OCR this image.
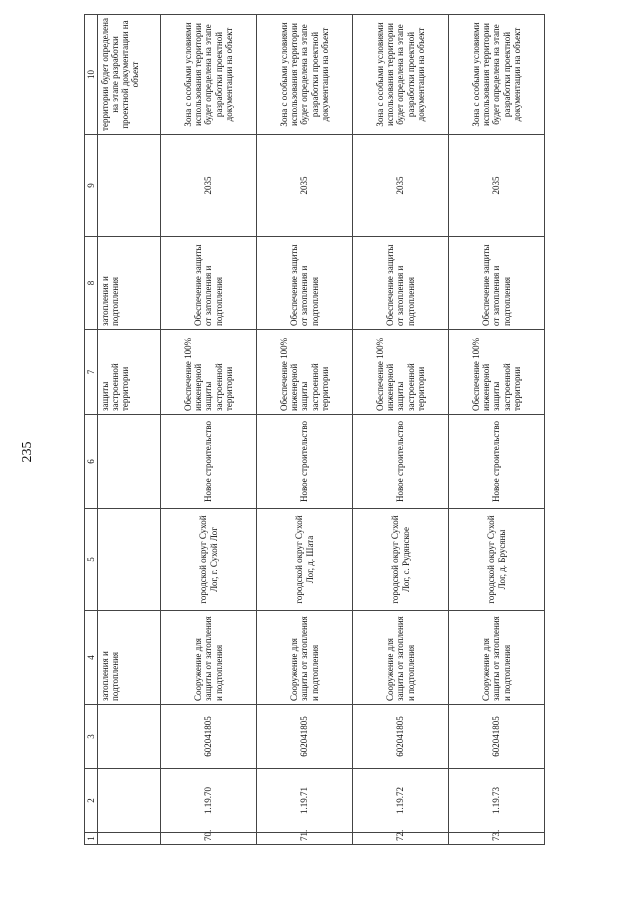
235
1	2	3	4	5	6	7	8	9	10
			затопления и подтопления			защиты застроенной территории	затопления и подтопления		территории будет определена на этапе разработки проектной документации на объект
70.	1.19.70	602041805	Сооружение для защиты от затопления и подтопления	городской округ Сухой Лог, г. Сухой Лог	Новое строительство	Обеспечение 100% инженерной защиты застроенной территории	Обеспечение защиты от затопления и подтопления	2035	Зона с особыми условиями использования территории будет определена на этапе разработки проектной документации на объект
71.	1.19.71	602041805	Сооружение для защиты от затопления и подтопления	городской округ Сухой Лог, д. Шата	Новое строительство	Обеспечение 100% инженерной защиты застроенной территории	Обеспечение защиты от затопления и подтопления	2035	Зона с особыми условиями использования территории будет определена на этапе разработки проектной документации на объект
72.	1.19.72	602041805	Сооружение для защиты от затопления и подтопления	городской округ Сухой Лог, с. Рудянское	Новое строительство	Обеспечение 100% инженерной защиты застроенной территории	Обеспечение защиты от затопления и подтопления	2035	Зона с особыми условиями использования территории будет определена на этапе разработки проектной документации на объект
73.	1.19.73	602041805	Сооружение для защиты от затопления и подтопления	городской округ Сухой Лог, д. Брусяны	Новое строительство	Обеспечение 100% инженерной защиты застроенной территории	Обеспечение защиты от затопления и подтопления	2035	Зона с особыми условиями использования территории будет определена на этапе разработки проектной документации на объект
